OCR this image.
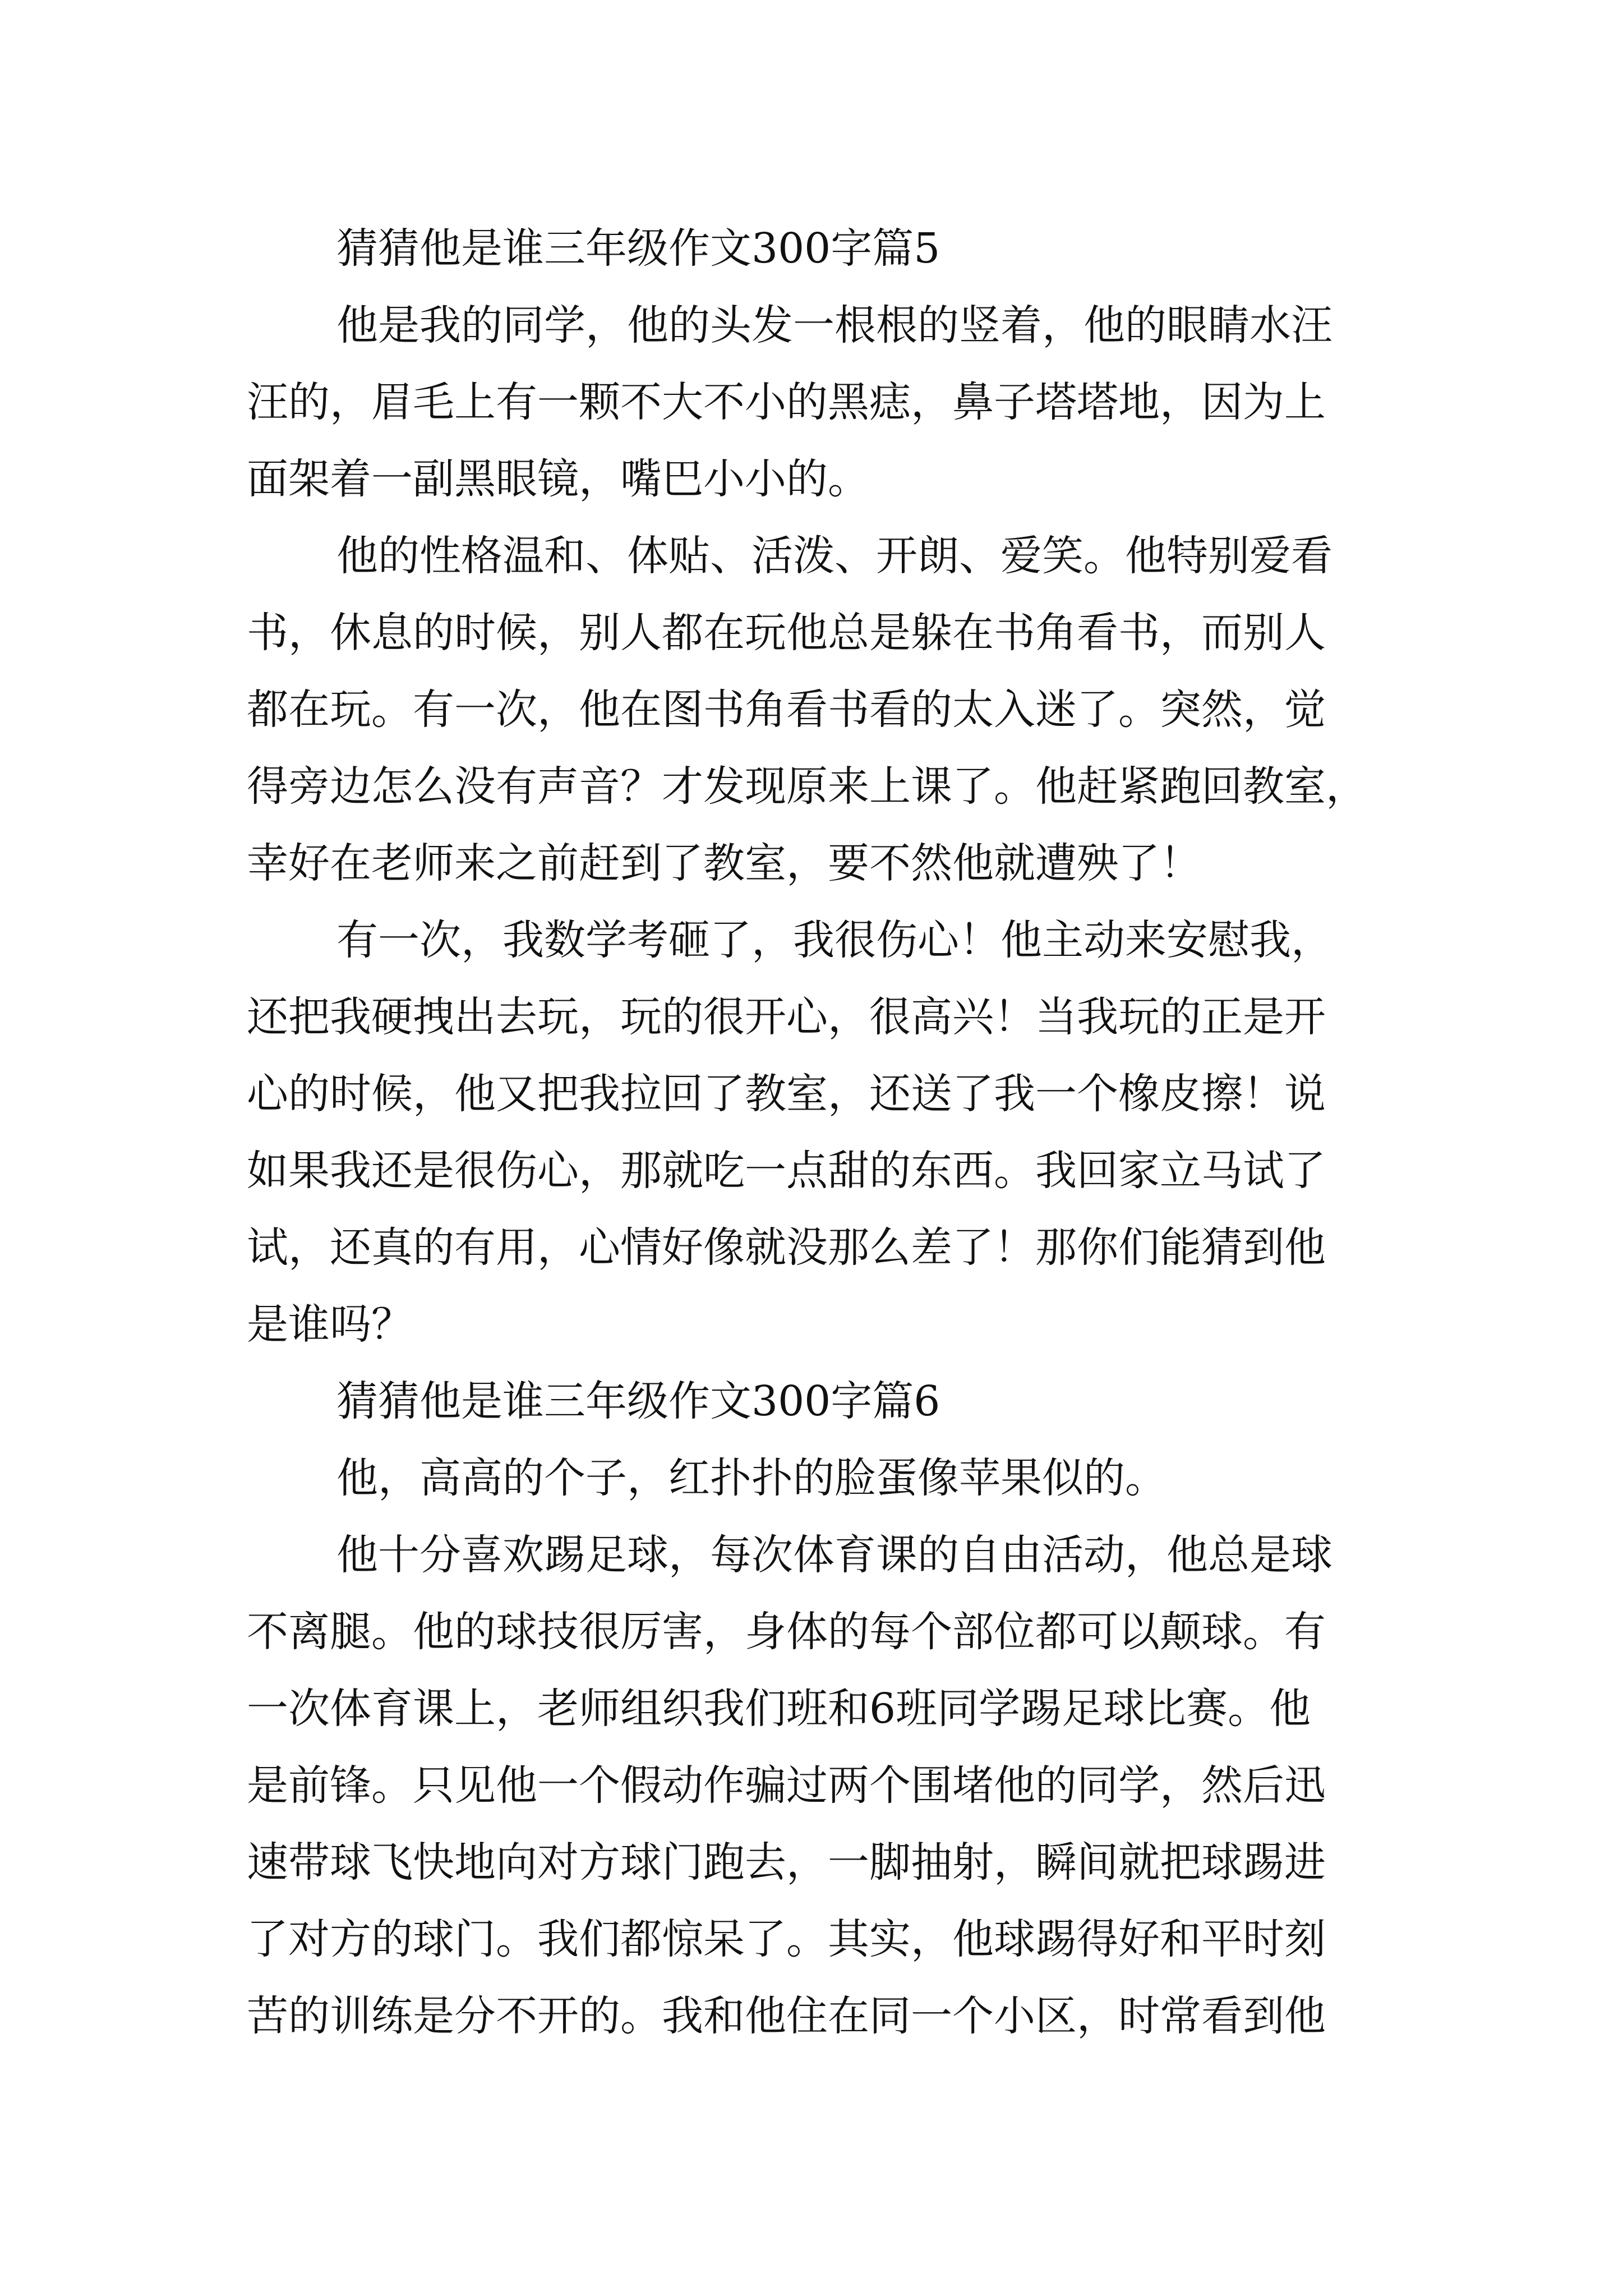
猜猜他是谁三年级作文300字篇5

他是我的同学，他的头发一根根的竖着，他的眼睛水汪

汪的，眉毛上有一颗不大不小的黑痣，鼻子塔塔地，因为上

面架着一副黑眼镜，嘴巴小小的。

他的性格温和、体贴、活泼、开朗、爱笑。他特别爱看

书，休息的时候，别人都在玩他总是躲在书角看书，而别人

都在玩。有一次，他在图书角看书看的太入迷了。突然，觉

得旁边怎么没有声音？才发现原来上课了。他赶紧跑回教室，

幸好在老师来之前赶到了教室，要不然他就遭殃了！

有一次，我数学考砸了，我很伤心！他主动来安慰我，

还把我硬拽出去玩，玩的很开心，很高兴！当我玩的正是开

心的时候，他又把我拉回了教室，还送了我一个橡皮擦！说

如果我还是很伤心，那就吃一点甜的东西。我回家立马试了

试，还真的有用，心情好像就没那么差了！那你们能猜到他

是谁吗？

猜猜他是谁三年级作文300字篇6

他，高高的个子，红扑扑的脸蛋像苹果似的。

他十分喜欢踢足球，每次体育课的自由活动，他总是球

不离腿。他的球技很厉害，身体的每个部位都可以颠球。有

一次体育课上，老师组织我们班和6班同学踢足球比赛。他

是前锋。只见他一个假动作骗过两个围堵他的同学，然后迅

速带球飞快地向对方球门跑去，一脚抽射，瞬间就把球踢进

了对方的球门。我们都惊呆了。其实，他球踢得好和平时刻

苦的训练是分不开的。我和他住在同一个小区，时常看到他
